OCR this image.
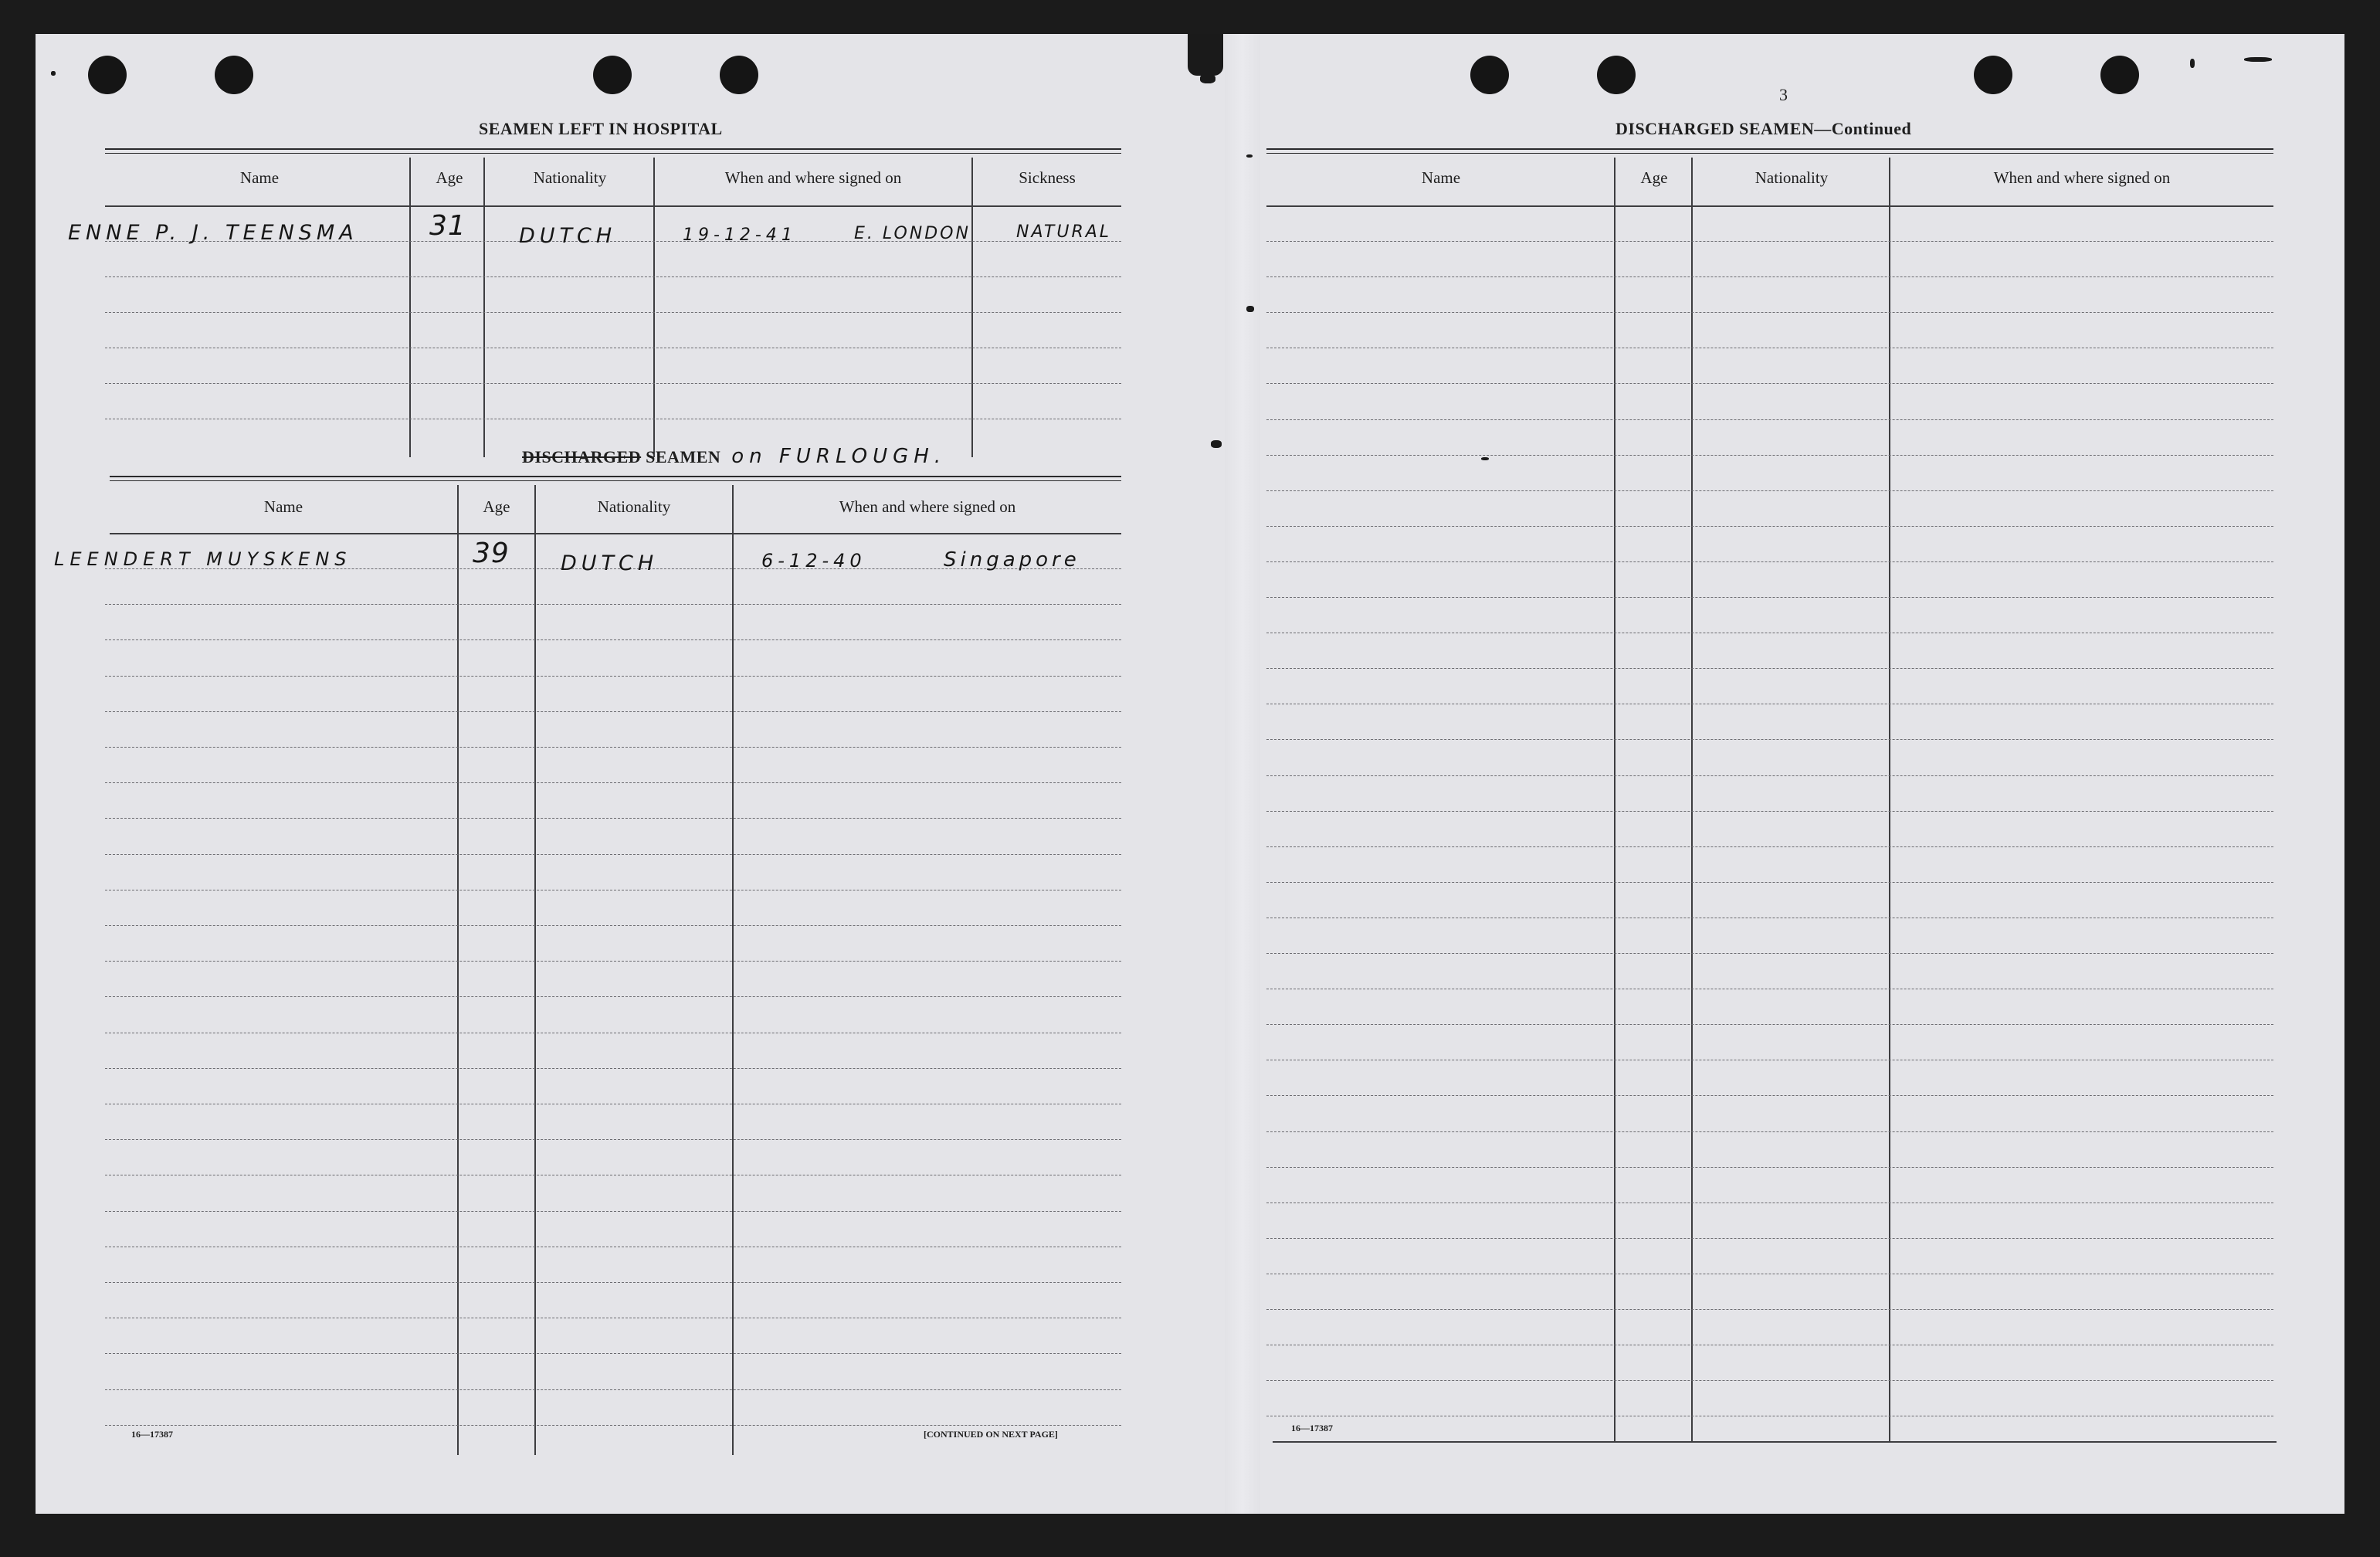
SEAMEN LEFT IN HOSPITAL
Name	Age	Nationality	When and where signed on	Sickness
ENNE P. J. TEENSMA	31	DUTCH	19-12-41	E. LONDON	NATURAL
DISCHARGED SEAMEN on FURLOUGH.
Name	Age	Nationality	When and where signed on
LEENDERT MUYSKENS	39 DUTCH	6-12-40	Singapore
16—17387	[CONTINUED ON NEXT PAGE]
3
DISCHARGED SEAMEN—Continued
Name	Age	Nationality	When and where signed on
16—17387
